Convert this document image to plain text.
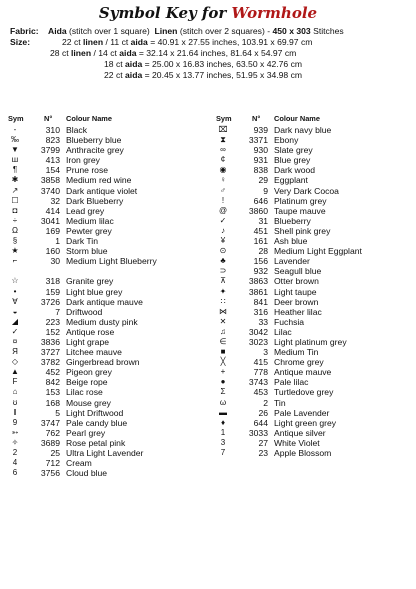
Symbol Key for Wormhole
Fabric: Aida (stitch over 1 square) Linen (stitch over 2 squares) - 450 x 303 Stitches
Size:	22 ct linen / 11 ct aida = 40.91 x 27.55 inches, 103.91 x 69.97 cm
28 ct linen / 14 ct aida = 32.14 x 21.64 inches, 81.64 x 54.97 cm
18 ct aida = 25.00 x 16.83 inches, 63.50 x 42.76 cm
22 ct aida = 20.45 x 13.77 inches, 51.95 x 34.98 cm
Sym	N° Colour Name
-	310 Black
‰	823 Blueberry blue
▼	3799 Anthracite grey
ш	413 Iron grey
¶	154 Prune rose
✱	3858 Medium red wine
↗	3740 Dark antique violet
☐	32 Dark Blueberry
◘	414 Lead grey
÷	3041 Medium lilac
Ω	169 Pewter grey
§	1 Dark Tin
★	160 Storm blue
⌐	30 Medium Light Blueberry
☆	318 Granite grey
•	159 Light blue grey
∀	3726 Dark antique mauve
◒	7 Driftwood
◢	223 Medium dusty pink
✓	152 Antique rose
¤	3836 Light grape
Я	3727 Litchee mauve
◇	3782 Gingerbread brown
▲	452 Pigeon grey
F	842 Beige rope
⌂	153 Lilac rose
ʊ	168 Mouse grey
ǁ	5 Light Driftwood
9	3747 Pale candy blue
➳	762 Pearl grey
✧	3689 Rose petal pink
2	25 Ultra Light Lavender
4	712 Cream
6	3756 Cloud blue
Sym	N° Colour Name
⌧	939 Dark navy blue
⧗	3371 Ebony
∞	930 Slate grey
¢	931 Blue grey
◉	838 Dark wood
♀	29 Eggplant
♂	9 Very Dark Cocoa
!	646 Platinum grey
@	3860 Taupe mauve
✓	31 Blueberry
♪	451 Shell pink grey
¥	161 Ash blue
⊙	28 Medium Light Eggplant
♣	156 Lavender
⊃	932 Seagull blue
⊼	3863 Otter brown
✦	3861 Light taupe
∷	841 Deer brown
⋈	316 Heather lilac
✕	33 Fuchsia
♫	3042 Lilac
∈	3023 Light platinum grey
■	3 Medium Tin
╳	415 Chrome grey
+	778 Antique mauve
●	3743 Pale lilac
Σ	453 Turtledove grey
ω	2 Tin
▬	26 Pale Lavender
♦	644 Light green grey
1	3033 Antique silver
3	27 White Violet
7	23 Apple Blossom
